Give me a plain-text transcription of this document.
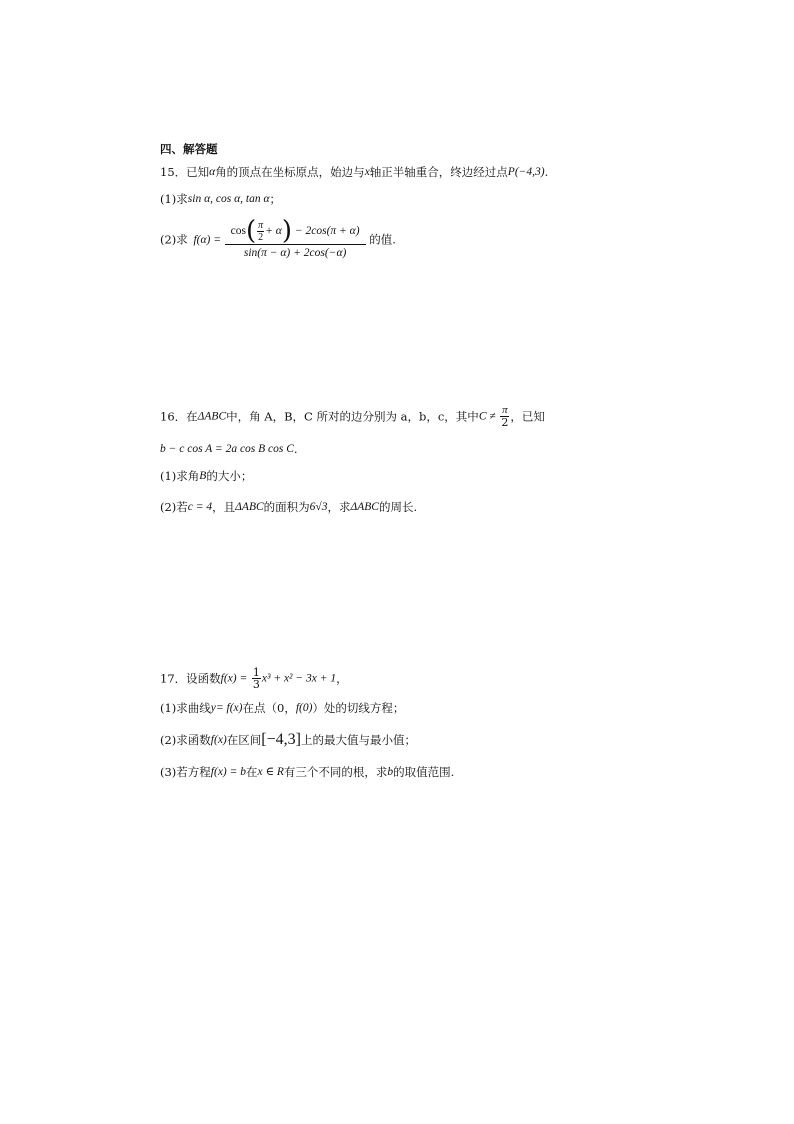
四、解答题
15．已知α角的顶点在坐标原点，始边与x轴正半轴重合，终边经过点P(−4,3).
(1)求sin α, cos α, tan α；
(2)求 $f(\alpha) = \frac{\cos( \frac{\pi}{2} + \alpha) - 2\cos(\pi + \alpha)}{\sin(\pi - \alpha) + 2\cos(-\alpha)}$ 的值.
16．在ΔABC中，角 A，B，C 所对的边分别为 a，b，c，其中$C \ne \frac{\pi}{2}$ ，已知
b − c cos A = 2a cos B cos C.
(1)求角B的大小；
(2)若c = 4，且ΔABC的面积为6√3，求ΔABC的周长.
17．设函数$f(x) = \frac{1}{3} x^3 + x^2 - 3x + 1$，
(1)求曲线y= f(x)在点（0，f(0)）处的切线方程；
(2)求函数f(x)在区间[−4,3]上的最大值与最小值；
(3)若方程f(x) = b在x ∈ R有三个不同的根，求b的取值范围.
